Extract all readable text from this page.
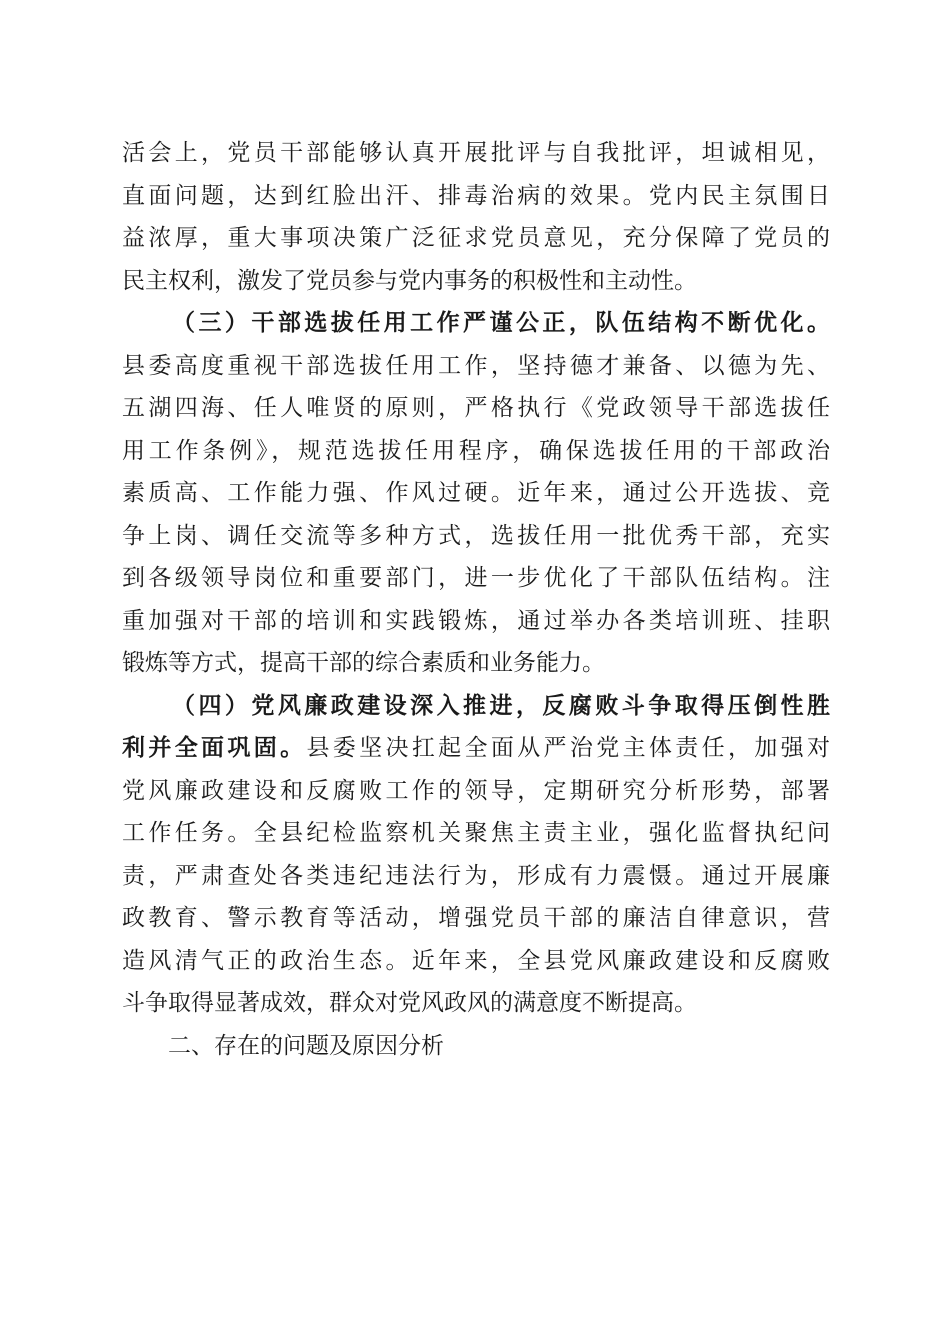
活会上，党员干部能够认真开展批评与自我批评，坦诚相见，
直面问题，达到红脸出汗、排毒治病的效果。党内民主氛围日
益浓厚，重大事项决策广泛征求党员意见，充分保障了党员的
民主权利，激发了党员参与党内事务的积极性和主动性。
（三）干部选拔任用工作严谨公正，队伍结构不断优化。
县委高度重视干部选拔任用工作，坚持德才兼备、以德为先、
五湖四海、任人唯贤的原则，严格执行《党政领导干部选拔任
用工作条例》，规范选拔任用程序，确保选拔任用的干部政治
素质高、工作能力强、作风过硬。近年来，通过公开选拔、竞
争上岗、调任交流等多种方式，选拔任用一批优秀干部，充实
到各级领导岗位和重要部门，进一步优化了干部队伍结构。注
重加强对干部的培训和实践锻炼，通过举办各类培训班、挂职
锻炼等方式，提高干部的综合素质和业务能力。
（四）党风廉政建设深入推进，反腐败斗争取得压倒性胜
利并全面巩固。县委坚决扛起全面从严治党主体责任，加强对
党风廉政建设和反腐败工作的领导，定期研究分析形势，部署
工作任务。全县纪检监察机关聚焦主责主业，强化监督执纪问
责，严肃查处各类违纪违法行为，形成有力震慑。通过开展廉
政教育、警示教育等活动，增强党员干部的廉洁自律意识，营
造风清气正的政治生态。近年来，全县党风廉政建设和反腐败
斗争取得显著成效，群众对党风政风的满意度不断提高。
二、存在的问题及原因分析
